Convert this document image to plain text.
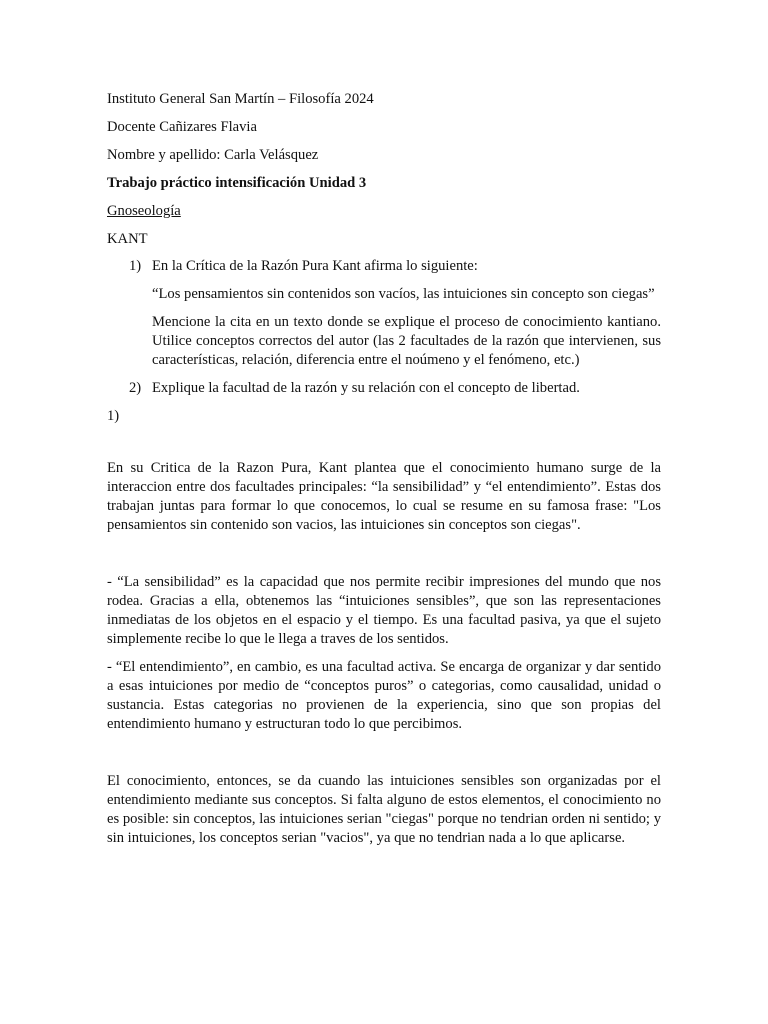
Instituto General San Martín – Filosofía 2024
Docente Cañizares Flavia
Nombre y apellido: Carla Velásquez
Trabajo práctico intensificación Unidad 3
Gnoseología
KANT
1) En la Crítica de la Razón Pura Kant afirma lo siguiente:
“Los pensamientos sin contenidos son vacíos, las intuiciones sin concepto son ciegas”
Mencione la cita en un texto donde se explique el proceso de conocimiento kantiano. Utilice conceptos correctos del autor (las 2 facultades de la razón que intervienen, sus características, relación, diferencia entre el noúmeno y el fenómeno, etc.)
2) Explique la facultad de la razón y su relación con el concepto de libertad.
1)

En su Critica de la Razon Pura, Kant plantea que el conocimiento humano surge de la interaccion entre dos facultades principales: “la sensibilidad” y “el entendimiento”. Estas dos trabajan juntas para formar lo que conocemos, lo cual se resume en su famosa frase: "Los pensamientos sin contenido son vacios, las intuiciones sin conceptos son ciegas".

- “La sensibilidad” es la capacidad que nos permite recibir impresiones del mundo que nos rodea. Gracias a ella, obtenemos las “intuiciones sensibles”, que son las representaciones inmediatas de los objetos en el espacio y el tiempo. Es una facultad pasiva, ya que el sujeto simplemente recibe lo que le llega a traves de los sentidos.

- “El entendimiento”, en cambio, es una facultad activa. Se encarga de organizar y dar sentido a esas intuiciones por medio de “conceptos puros” o categorias, como causalidad, unidad o sustancia. Estas categorias no provienen de la experiencia, sino que son propias del entendimiento humano y estructuran todo lo que percibimos.

El conocimiento, entonces, se da cuando las intuiciones sensibles son organizadas por el entendimiento mediante sus conceptos. Si falta alguno de estos elementos, el conocimiento no es posible: sin conceptos, las intuiciones serian "ciegas" porque no tendrian orden ni sentido; y sin intuiciones, los conceptos serian "vacios", ya que no tendrian nada a lo que aplicarse.
